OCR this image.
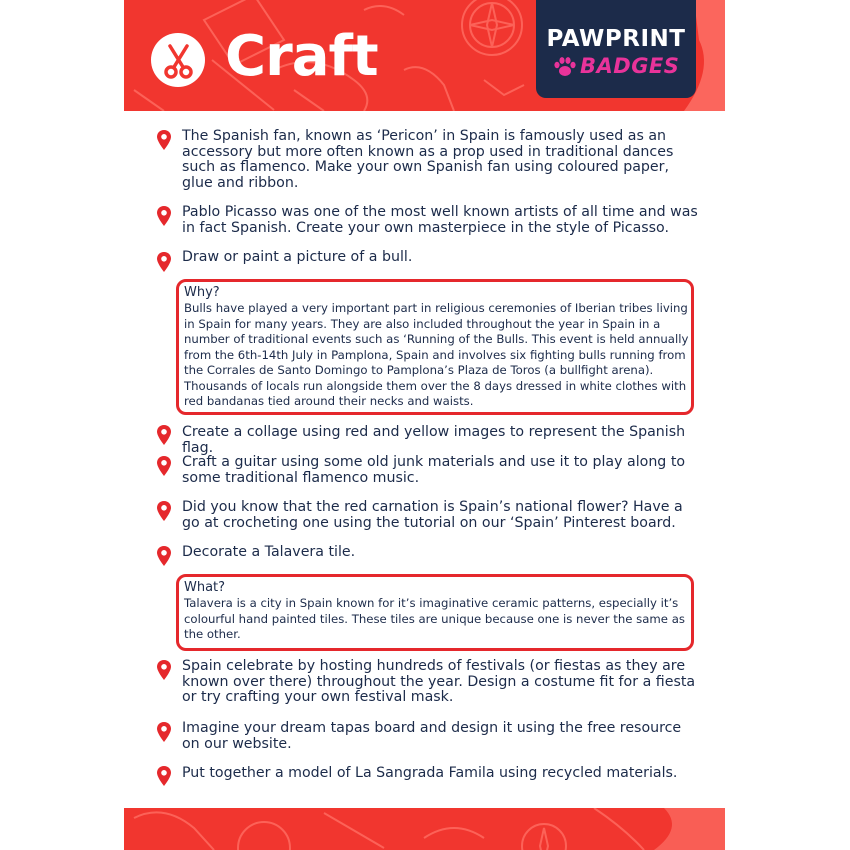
Craft	PAWPRINT
BADGES
The Spanish fan, known as ‘Pericon’ in Spain is famously used as an accessory but more often known as a prop used in traditional dances such as flamenco. Make your own Spanish fan using coloured paper, glue and ribbon.
Pablo Picasso was one of the most well known artists of all time and was in fact Spanish. Create your own masterpiece in the style of Picasso.
Draw or paint a picture of a bull.
Why?
Bulls have played a very important part in religious ceremonies of Iberian tribes living in Spain for many years. They are also included throughout the year in Spain in a number of traditional events such as ‘Running of the Bulls. This event is held annually from the 6th-14th July in Pamplona, Spain and involves six fighting bulls running from the Corrales de Santo Domingo to Pamplona’s Plaza de Toros (a bullfight arena). Thousands of locals run alongside them over the 8 days dressed in white clothes with red bandanas tied around their necks and waists.
Create a collage using red and yellow images to represent the Spanish flag.
Craft a guitar using some old junk materials and use it to play along to some traditional flamenco music.
Did you know that the red carnation is Spain’s national flower? Have a go at crocheting one using the tutorial on our ‘Spain’ Pinterest board.
Decorate a Talavera tile.
What?
Talavera is a city in Spain known for it’s imaginative ceramic patterns, especially it’s colourful hand painted tiles. These tiles are unique because one is never the same as the other.
Spain celebrate by hosting hundreds of festivals (or fiestas as they are known over there) throughout the year. Design a costume fit for a fiesta or try crafting your own festival mask.
Imagine your dream tapas board and design it using the free resource on our website.
Put together a model of La Sangrada Famila using recycled materials.
